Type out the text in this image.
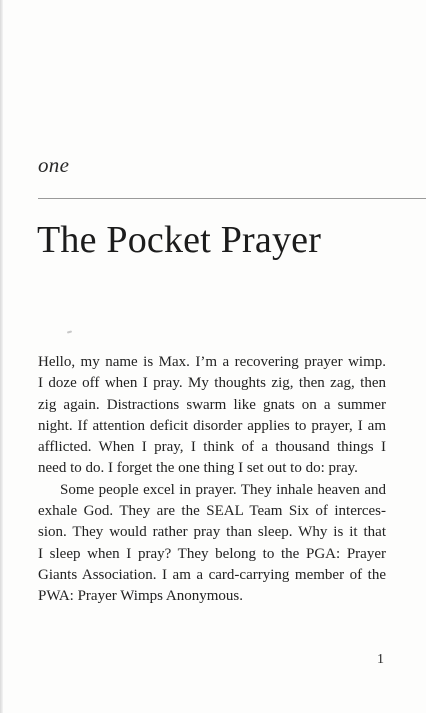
one
The Pocket Prayer
Hello, my name is Max. I’m a recovering prayer wimp.
I doze off when I pray. My thoughts zig, then zag, then
zig again. Distractions swarm like gnats on a summer
night. If attention deficit disorder applies to prayer, I am
afflicted. When I pray, I think of a thousand things I
need to do. I forget the one thing I set out to do: pray.
Some people excel in prayer. They inhale heaven and
exhale God. They are the SEAL Team Six of interces-
sion. They would rather pray than sleep. Why is it that
I sleep when I pray? They belong to the PGA: Prayer
Giants Association. I am a card-carrying member of the
PWA: Prayer Wimps Anonymous.
1
